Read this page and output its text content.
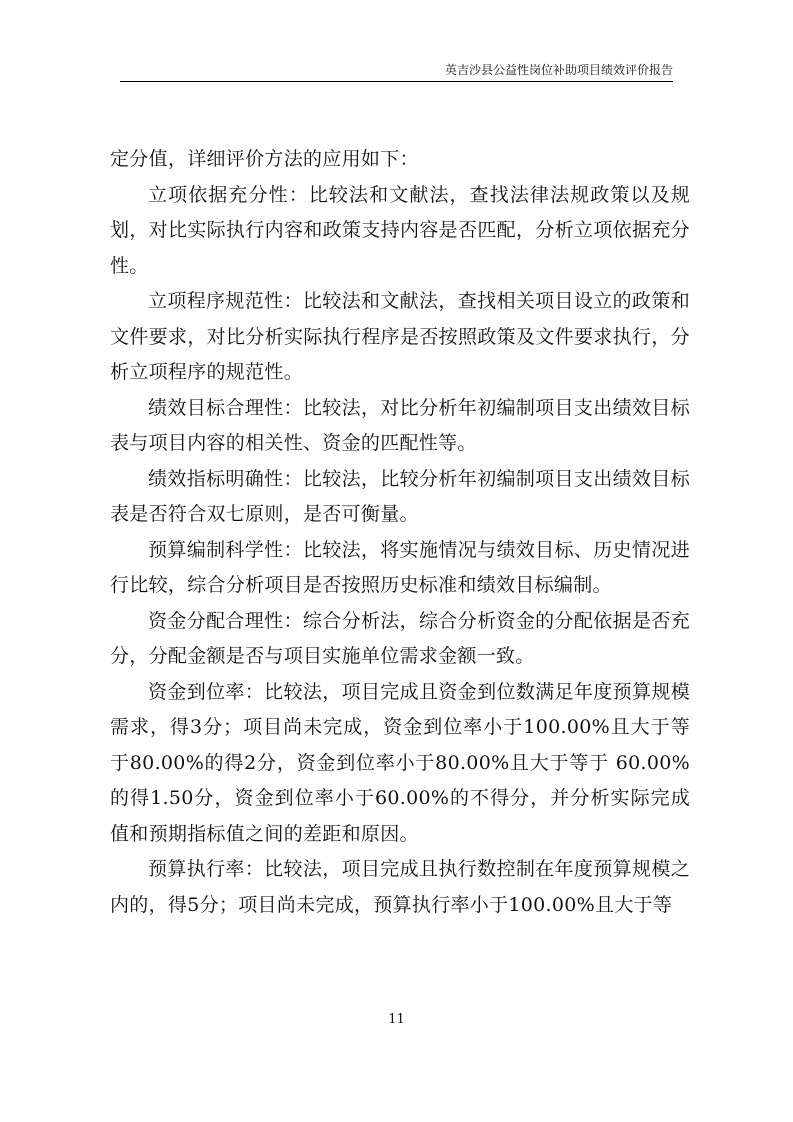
英吉沙县公益性岗位补助项目绩效评价报告

定分值，详细评价方法的应用如下：

立项依据充分性：比较法和文献法，查找法律法规政策以及规划，对比实际执行内容和政策支持内容是否匹配，分析立项依据充分性。

立项程序规范性：比较法和文献法，查找相关项目设立的政策和文件要求，对比分析实际执行程序是否按照政策及文件要求执行，分析立项程序的规范性。

绩效目标合理性：比较法，对比分析年初编制项目支出绩效目标表与项目内容的相关性、资金的匹配性等。

绩效指标明确性：比较法，比较分析年初编制项目支出绩效目标表是否符合双七原则，是否可衡量。

预算编制科学性：比较法，将实施情况与绩效目标、历史情况进行比较，综合分析项目是否按照历史标准和绩效目标编制。

资金分配合理性：综合分析法，综合分析资金的分配依据是否充分，分配金额是否与项目实施单位需求金额一致。

资金到位率：比较法，项目完成且资金到位数满足年度预算规模需求，得3分；项目尚未完成，资金到位率小于100.00%且大于等于80.00%的得2分，资金到位率小于80.00%且大于等于 60.00%的得1.50分，资金到位率小于60.00%的不得分，并分析实际完成值和预期指标值之间的差距和原因。

预算执行率：比较法，项目完成且执行数控制在年度预算规模之内的，得5分；项目尚未完成，预算执行率小于100.00%且大于等

11
